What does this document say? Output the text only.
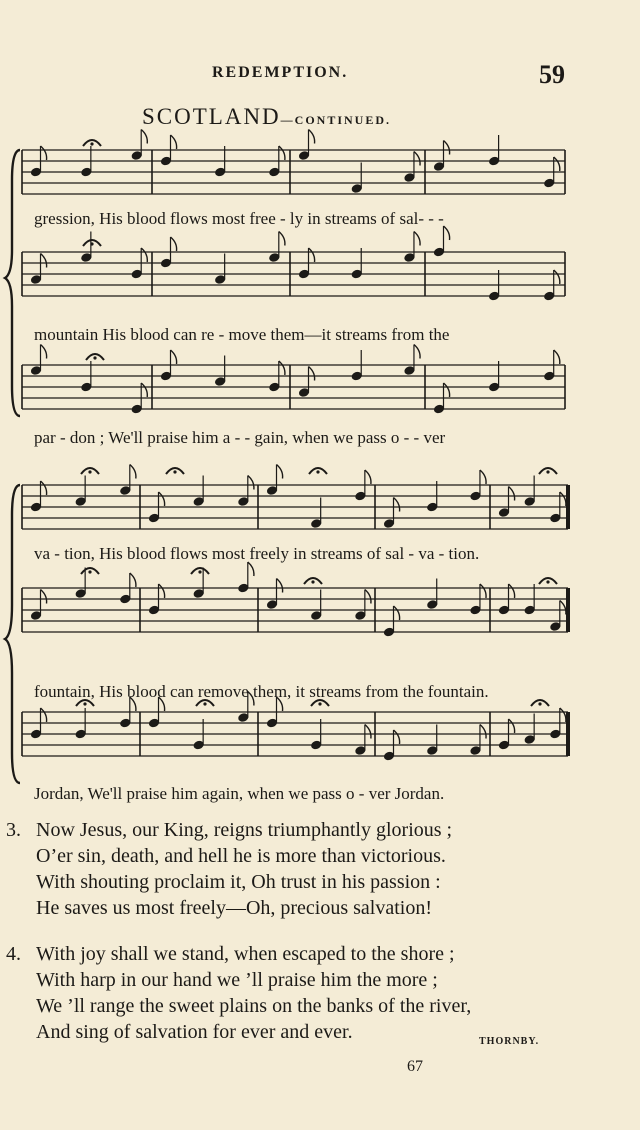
REDEMPTION.	59
SCOTLAND—CONTINUED.
gression, His blood flows most free - ly in streams of sal- - -
mountain His blood can re - move them—it streams from the
par - don ; We'll praise him a - - gain, when we pass o - - ver
va - tion, His blood flows most freely in streams of sal - va - tion.
fountain, His blood can remove them, it streams from the fountain.
Jordan, We'll praise him again, when we pass o - ver Jordan.
3. Now Jesus, our King, reigns triumphantly glorious ;
O’er sin, death, and hell he is more than victorious.
With shouting proclaim it, Oh trust in his passion :
He saves us most freely—Oh, precious salvation!
4. With joy shall we stand, when escaped to the shore ;
With harp in our hand we ’ll praise him the more ;
We ’ll range the sweet plains on the banks of the river,
And sing of salvation for ever and ever.	THORNBY.
67
